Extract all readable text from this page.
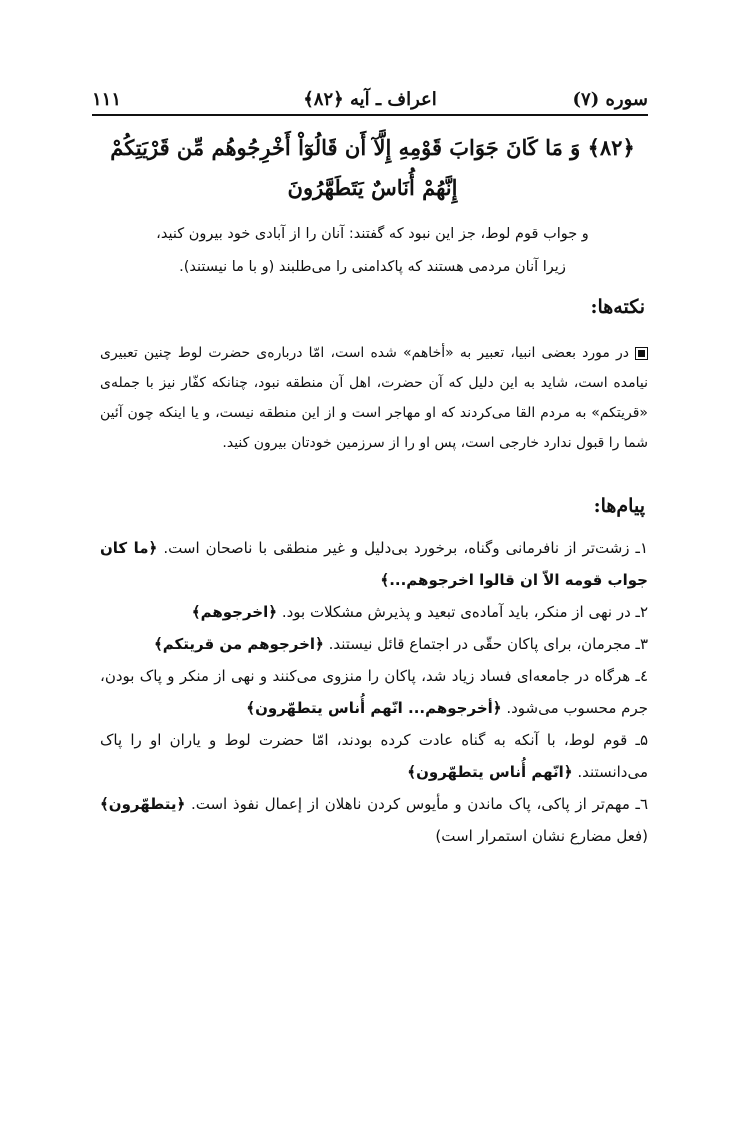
سوره (۷)
اعراف ـ آیه ﴿۸۲﴾
۱۱۱
﴿۸۲﴾ وَ مَا كَانَ جَوَابَ قَوْمِهِ إِلَّآ أَن قَالُوٓاْ أَخْرِجُوهُم مِّن قَرْيَتِكُمْ
إِنَّهُمْ أُنَاسٌ يَتَطَهَّرُونَ
و جواب قوم لوط، جز این نبود که گفتند: آنان را از آبادی خود بیرون کنید،
زیرا آنان مردمی هستند که پاکدامنی را می‌طلبند (و با ما نیستند).
نکته‌ها:
در مورد بعضی انبیا، تعبیر به «أخاهم» شده است، امّا درباره‌ی حضرت لوط چنین تعبیری نیامده است، شاید به این دلیل که آن حضرت، اهل آن منطقه نبود، چنانکه کفّار نیز با جمله‌ی «قریتکم» به مردم القا می‌کردند که او مهاجر است و از این منطقه نیست، و یا اینکه چون آئین شما را قبول ندارد خارجی است، پس او را از سرزمین خودتان بیرون کنید.
پیام‌ها:
۱ـ زشت‌تر از نافرمانی وگناه، برخورد بی‌دلیل و غیر منطقی با ناصحان است. ﴿ما کان جواب قومه الاّ ان قالوا اخرجوهم...﴾
۲ـ در نهی از منکر، باید آماده‌ی تبعید و پذیرش مشکلات بود. ﴿اخرجوهم﴾
۳ـ مجرمان، برای پاکان حقّی در اجتماع قائل نیستند. ﴿اخرجوهم من قریتکم﴾
٤ـ هرگاه در جامعه‌ای فساد زیاد شد، پاکان را منزوی می‌کنند و نهی از منکر و پاک بودن، جرم محسوب می‌شود. ﴿أخرجوهم... انّهم أُناس یتطهّرون﴾
۵ـ قوم لوط، با آنکه به گناه عادت کرده بودند، امّا حضرت لوط و یاران او را پاک می‌دانستند. ﴿انّهم أُناس یتطهّرون﴾
٦ـ مهم‌تر از پاکی، پاک ماندن و مأیوس کردن ناهلان از إعمال نفوذ است. ﴿یتطهّرون﴾ (فعل مضارع نشان استمرار است)
